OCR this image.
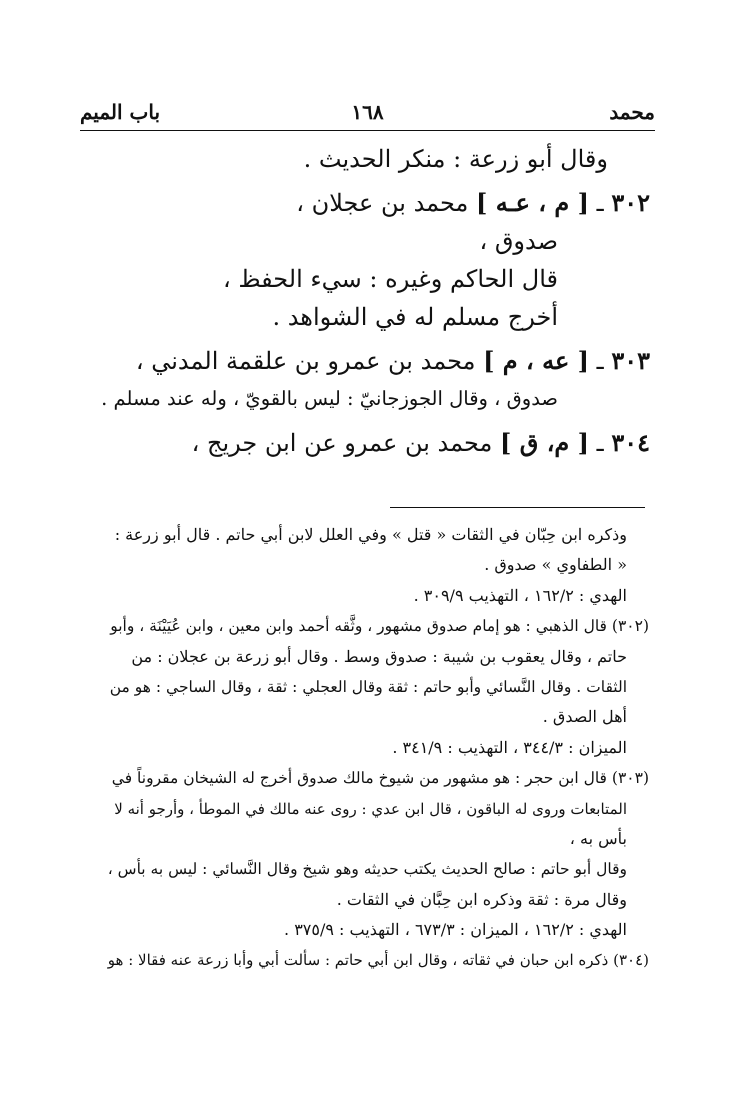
محمد
١٦٨
باب الميم
وقال أبو زرعة : منكر الحديث .
٣٠٢ ـ [ م ، عـه ] محمد بن عجلان ،
صدوق ،
قال الحاكم وغيره : سيء الحفظ ،
أخرج مسلم له في الشواهد .
٣٠٣ ـ [ عه ، م ] محمد بن عمرو بن علقمة المدني ،
صدوق ، وقال الجوزجانيّ : ليس بالقويّ ، وله عند مسلم .
٣٠٤ ـ [ م، ق ] محمد بن عمرو عن ابن جريج ،
وذكره ابن حِبّان في الثقات « قتل » وفي العلل لابن أبي حاتم . قال أبو زرعة :
« الطفاوي » صدوق .
الهدي : ١٦٢/٢ ، التهذيب ٣٠٩/٩ .
(٣٠٢) قال الذهبي : هو إمام صدوق مشهور ، وثَّقه أحمد وابن معين ، وابن عُيَيْنَة ، وأبو
حاتم ، وقال يعقوب بن شيبة : صدوق وسط . وقال أبو زرعة بن عجلان : من
الثقات . وقال النَّسائي وأبو حاتم : ثقة وقال العجلي : ثقة ، وقال الساجي : هو من
أهل الصدق .
الميزان : ٣٤٤/٣ ، التهذيب : ٣٤١/٩ .
(٣٠٣) قال ابن حجر : هو مشهور من شيوخ مالك صدوق أخرج له الشيخان مقروناً في
المتابعات وروى له الباقون ، قال ابن عدي : روى عنه مالك في الموطأ ، وأرجو أنه لا
بأس به ،
وقال أبو حاتم : صالح الحديث يكتب حديثه وهو شيخ وقال النَّسائي : ليس به بأس ،
وقال مرة : ثقة وذكره ابن حِبَّان في الثقات .
الهدي : ١٦٢/٢ ، الميزان : ٦٧٣/٣ ، التهذيب : ٣٧٥/٩ .
(٣٠٤) ذكره ابن حبان في ثقاته ، وقال ابن أبي حاتم : سألت أبي وأبا زرعة عنه فقالا : هو
